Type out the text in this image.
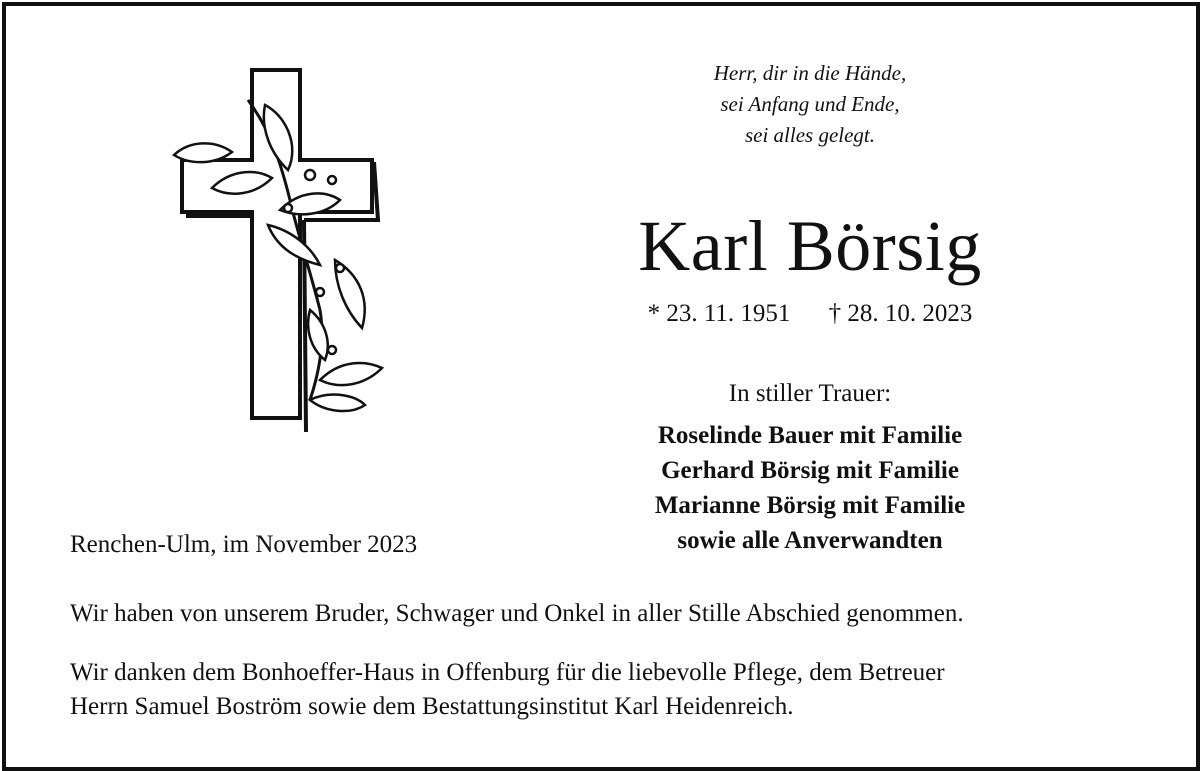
Herr, dir in die Hände,
sei Anfang und Ende,
sei alles gelegt.
Karl Börsig
* 23. 11. 1951 † 28. 10. 2023
In stiller Trauer:
Roselinde Bauer mit Familie
Gerhard Börsig mit Familie
Marianne Börsig mit Familie
sowie alle Anverwandten
Renchen-Ulm, im November 2023
Wir haben von unserem Bruder, Schwager und Onkel in aller Stille Abschied genommen.
Wir danken dem Bonhoeffer-Haus in Offenburg für die liebevolle Pflege, dem Betreuer
Herrn Samuel Boström sowie dem Bestattungsinstitut Karl Heidenreich.
